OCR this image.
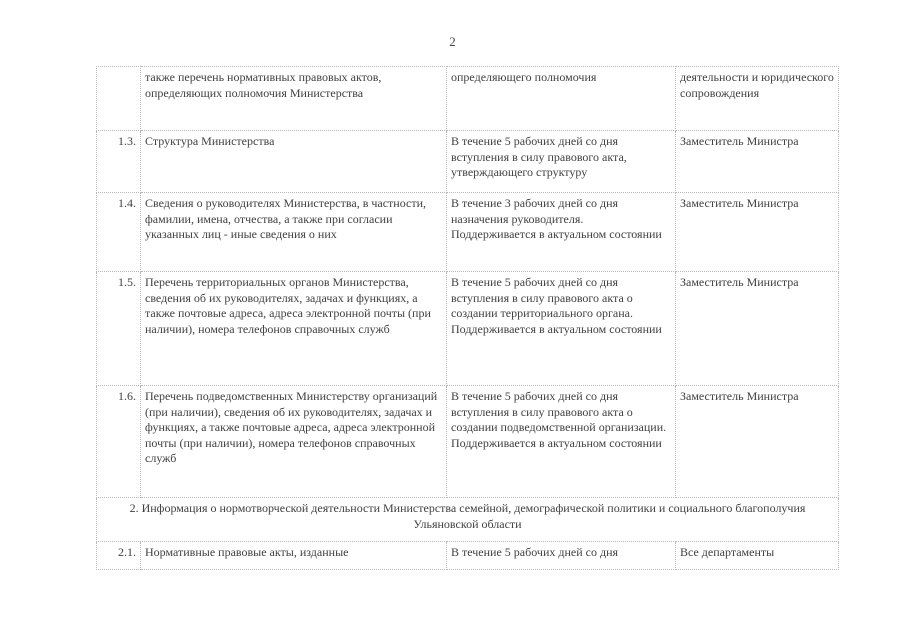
2
	также перечень нормативных правовых актов, определяющих полномочия Министерства	определяющего полномочия	деятельности и юридического сопровождения
1.3.	Структура Министерства	В течение 5 рабочих дней со дня вступления в силу правового акта, утверждающего структуру	Заместитель Министра
1.4.	Сведения о руководителях Министерства, в частности, фамилии, имена, отчества, а также при согласии указанных лиц - иные сведения о них	В течение 3 рабочих дней со дня назначения руководителя. Поддерживается в актуальном состоянии	Заместитель Министра
1.5.	Перечень территориальных органов Министерства, сведения об их руководителях, задачах и функциях, а также почтовые адреса, адреса электронной почты (при наличии), номера телефонов справочных служб	В течение 5 рабочих дней со дня вступления в силу правового акта о создании территориального органа. Поддерживается в актуальном состоянии	Заместитель Министра
1.6.	Перечень подведомственных Министерству организаций (при наличии), сведения об их руководителях, задачах и функциях, а также почтовые адреса, адреса электронной почты (при наличии), номера телефонов справочных служб	В течение 5 рабочих дней со дня вступления в силу правового акта о создании подведомственной организации. Поддерживается в актуальном состоянии	Заместитель Министра
2. Информация о нормотворческой деятельности Министерства семейной, демографической политики и социального благополучия Ульяновской области			
2.1.	Нормативные правовые акты, изданные	В течение 5 рабочих дней со дня	Все департаменты
